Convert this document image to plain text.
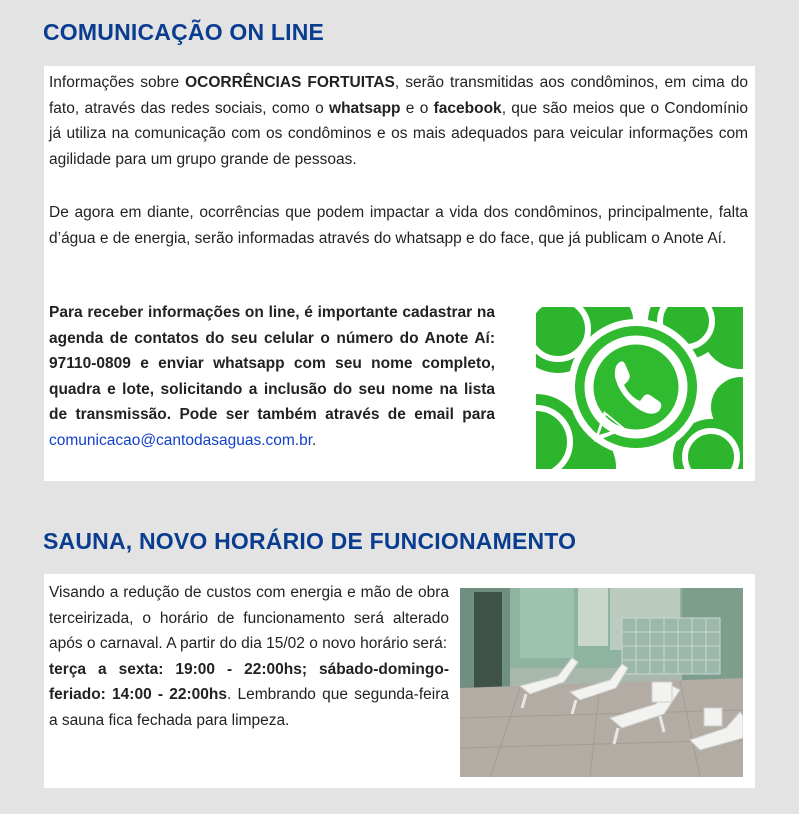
COMUNICAÇÃO ON LINE

Informações sobre OCORRÊNCIAS FORTUITAS, serão transmitidas aos condôminos, em cima do fato, através das redes sociais, como o whatsapp e o facebook, que são meios que o Condomínio já utiliza na comunicação com os condôminos e os mais adequados para veicular informações com agilidade para um grupo grande de pessoas.

De agora em diante, ocorrências que podem impactar a vida dos condôminos, principalmente, falta d’água e de energia, serão informadas através do whatsapp e do face, que já publicam o Anote Aí.

Para receber informações on line, é importante cadastrar na agenda de contatos do seu celular o número do Anote Aí: 97110-0809 e enviar whatsapp com seu nome completo, quadra e lote, solicitando a inclusão do seu nome na lista de transmissão. Pode ser também através de email para comunicacao@cantodasaguas.com.br.

SAUNA, NOVO HORÁRIO DE FUNCIONAMENTO

Visando a redução de custos com energia e mão de obra terceirizada, o horário de funcionamento será alterado após o carnaval. A partir do dia 15/02 o novo horário será:
terça a sexta: 19:00 - 22:00hs; sábado-domingo-feriado: 14:00 - 22:00hs. Lembrando que segunda-feira a sauna fica fechada para limpeza.
